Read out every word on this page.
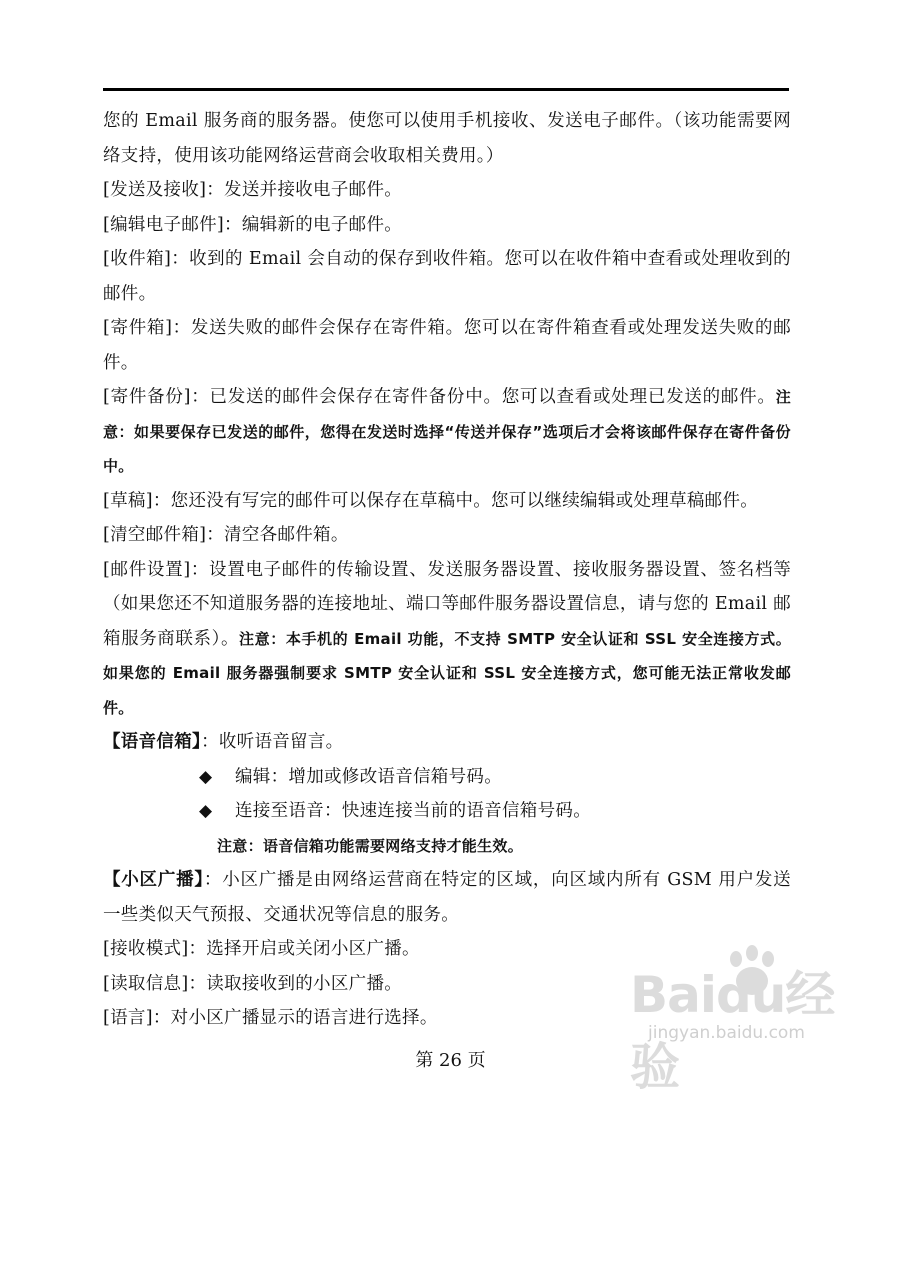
您的 Email 服务商的服务器。使您可以使用手机接收、发送电子邮件。（该功能需要网络支持，使用该功能网络运营商会收取相关费用。）

[发送及接收]：发送并接收电子邮件。

[编辑电子邮件]：编辑新的电子邮件。

[收件箱]：收到的 Email 会自动的保存到收件箱。您可以在收件箱中查看或处理收到的邮件。

[寄件箱]：发送失败的邮件会保存在寄件箱。您可以在寄件箱查看或处理发送失败的邮件。

[寄件备份]：已发送的邮件会保存在寄件备份中。您可以查看或处理已发送的邮件。注意：如果要保存已发送的邮件，您得在发送时选择“传送并保存”选项后才会将该邮件保存在寄件备份中。

[草稿]：您还没有写完的邮件可以保存在草稿中。您可以继续编辑或处理草稿邮件。

[清空邮件箱]：清空各邮件箱。

[邮件设置]：设置电子邮件的传输设置、发送服务器设置、接收服务器设置、签名档等（如果您还不知道服务器的连接地址、端口等邮件服务器设置信息，请与您的 Email 邮箱服务商联系）。注意：本手机的 Email 功能，不支持 SMTP 安全认证和 SSL 安全连接方式。如果您的 Email 服务器强制要求 SMTP 安全认证和 SSL 安全连接方式，您可能无法正常收发邮件。

【语音信箱】：收听语音留言。

◆ 编辑：增加或修改语音信箱号码。

◆ 连接至语音：快速连接当前的语音信箱号码。

注意：语音信箱功能需要网络支持才能生效。

【小区广播】：小区广播是由网络运营商在特定的区域，向区域内所有 GSM 用户发送一些类似天气预报、交通状况等信息的服务。

[接收模式]：选择开启或关闭小区广播。

[读取信息]：读取接收到的小区广播。

[语言]：对小区广播显示的语言进行选择。

第 26 页
Baidu经验
jingyan.baidu.com
